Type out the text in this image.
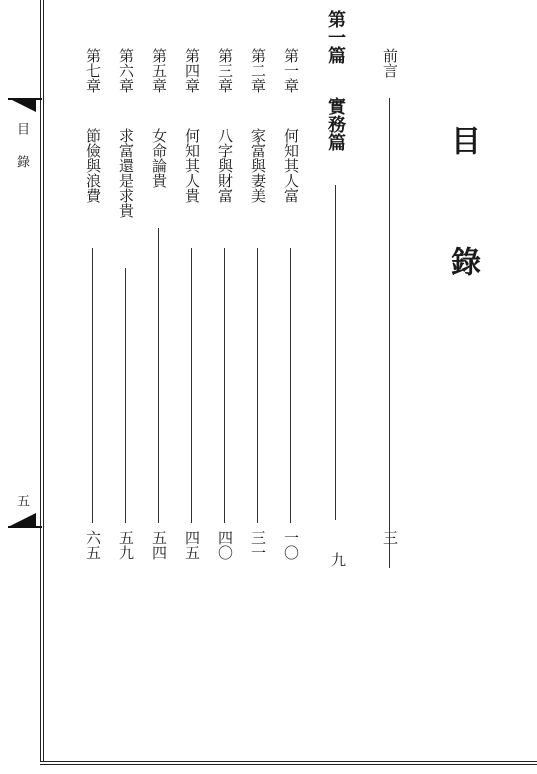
目錄
五
目 錄
前言
三
第一篇 實務篇
九
第一章 何知其人富
一〇
第二章 家富與妻美
三一
第三章 八字與財富
四〇
第四章 何知其人貴
四五
第五章 女命論貴
五四
第六章 求富還是求貴
五九
第七章 節儉與浪費
六五
